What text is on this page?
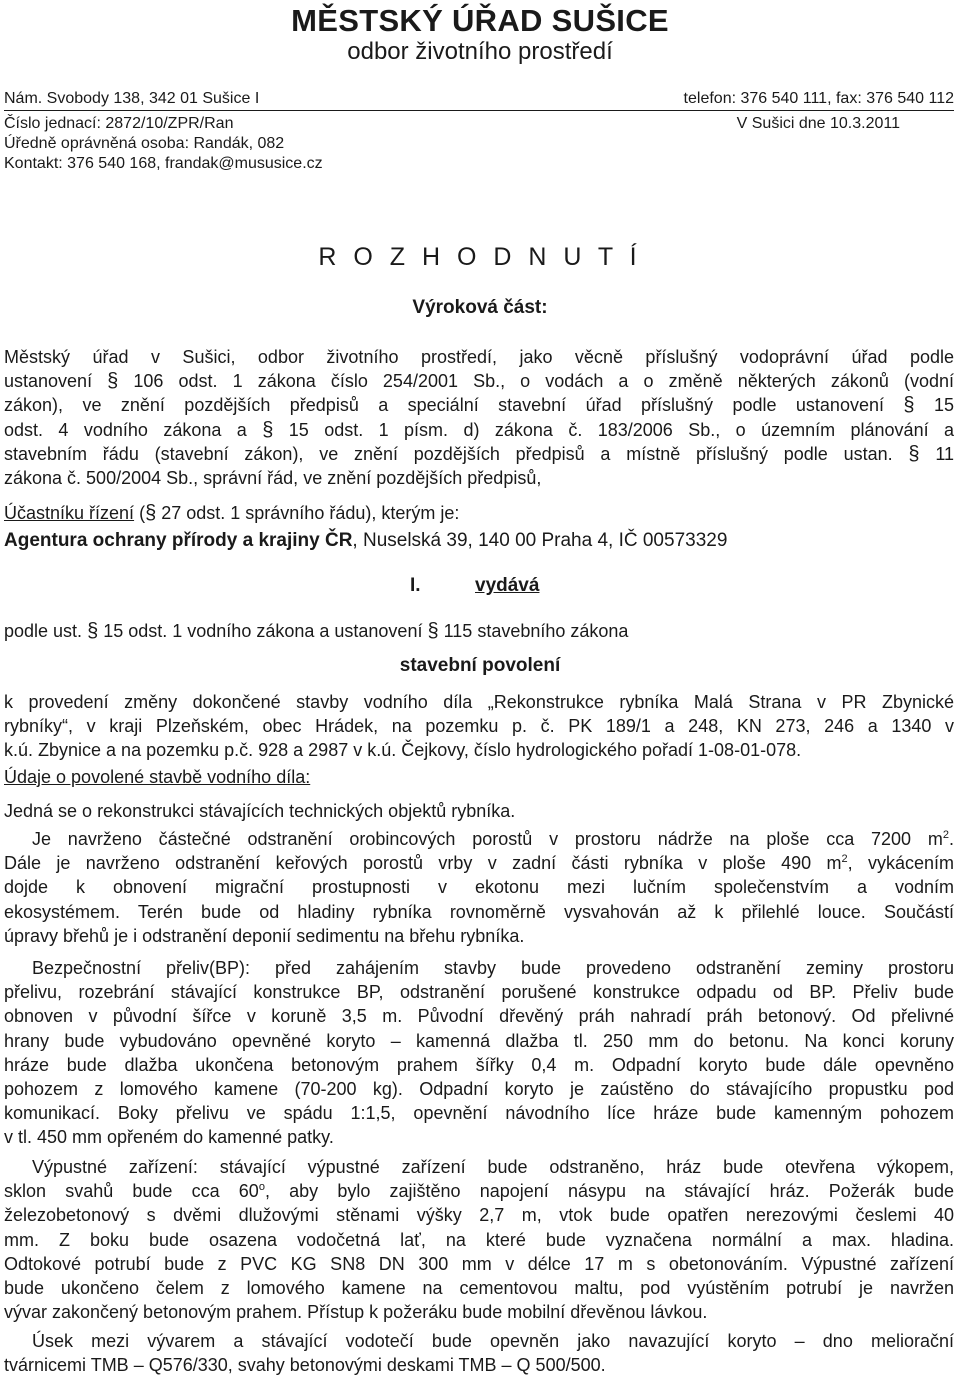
MĚSTSKÝ ÚŘAD SUŠICE
odbor životního prostředí
Nám. Svobody 138, 342 01 Sušice I	telefon: 376 540 111, fax: 376 540 112
Číslo jednací: 2872/10/ZPR/Ran	V Sušici dne 10.3.2011
Úředně oprávněná osoba: Randák, 082
Kontakt: 376 540 168, frandak@mususice.cz
R O Z H O D N U T Í
Výroková část:
Městský úřad v Sušici, odbor životního prostředí, jako věcně příslušný vodoprávní úřad podle
ustanovení § 106 odst. 1 zákona číslo 254/2001 Sb., o vodách a o změně některých zákonů (vodní
zákon), ve znění pozdějších předpisů a speciální stavební úřad příslušný podle ustanovení § 15
odst. 4 vodního zákona a § 15 odst. 1 písm. d) zákona č. 183/2006 Sb., o územním plánování a
stavebním řádu (stavební zákon), ve znění pozdějších předpisů a místně příslušný podle ustan. § 11
zákona č. 500/2004 Sb., správní řád, ve znění pozdějších předpisů,
Účastníku řízení (§ 27 odst. 1 správního řádu), kterým je:
Agentura ochrany přírody a krajiny ČR, Nuselská 39, 140 00 Praha 4, IČ 00573329
I.	vydává
podle ust. § 15 odst. 1 vodního zákona a ustanovení § 115 stavebního zákona
stavební povolení
k provedení změny dokončené stavby vodního díla „Rekonstrukce rybníka Malá Strana v PR Zbynické
rybníky“, v kraji Plzeňském, obec Hrádek, na pozemku p. č. PK 189/1 a 248, KN 273, 246 a 1340 v
k.ú. Zbynice a na pozemku p.č. 928 a 2987 v k.ú. Čejkovy, číslo hydrologického pořadí 1-08-01-078.
Údaje o povolené stavbě vodního díla:
Jedná se o rekonstrukci stávajících technických objektů rybníka.
Je navrženo částečné odstranění orobincových porostů v prostoru nádrže na ploše cca 7200 $m^2$.
Dále je navrženo odstranění keřových porostů vrby v zadní části rybníka v ploše 490 $m^2$, vykácením
dojde k obnovení migrační prostupnosti v ekotonu mezi lučním společenstvím a vodním
ekosystémem. Terén bude od hladiny rybníka rovnoměrně vysvahován až k přilehlé louce. Součástí
úpravy břehů je i odstranění deponií sedimentu na břehu rybníka.
Bezpečnostní přeliv(BP): před zahájením stavby bude provedeno odstranění zeminy prostoru
přelivu, rozebrání stávající konstrukce BP, odstranění porušené konstrukce odpadu od BP. Přeliv bude
obnoven v původní šířce v koruně 3,5 m. Původní dřevěný práh nahradí práh betonový. Od přelivné
hrany bude vybudováno opevněné koryto – kamenná dlažba tl. 250 mm do betonu. Na konci koruny
hráze bude dlažba ukončena betonovým prahem šířky 0,4 m. Odpadní koryto bude dále opevněno
pohozem z lomového kamene (70-200 kg). Odpadní koryto je zaústěno do stávajícího propustku pod
komunikací. Boky přelivu ve spádu 1:1,5, opevnění návodního líce hráze bude kamenným pohozem
v tl. 450 mm opřeném do kamenné patky.
Výpustné zařízení: stávající výpustné zařízení bude odstraněno, hráz bude otevřena výkopem,
sklon svahů bude cca 60$^o$, aby bylo zajištěno napojení násypu na stávající hráz. Požerák bude
železobetonový s dvěmi dlužovými stěnami výšky 2,7 m, vtok bude opatřen nerezovými česlemi 40
mm. Z boku bude osazena vodočetná lať, na které bude vyznačena normální a max. hladina.
Odtokové potrubí bude z PVC KG SN8 DN 300 mm v délce 17 m s obetonováním. Výpustné zařízení
bude ukončeno čelem z lomového kamene na cementovou maltu, pod vyústěním potrubí je navržen
vývar zakončený betonovým prahem. Přístup k požeráku bude mobilní dřevěnou lávkou.
Úsek mezi vývarem a stávající vodotečí bude opevněn jako navazující koryto – dno meliorační
tvárnicemi TMB – Q576/330, svahy betonovými deskami TMB – Q 500/500.
